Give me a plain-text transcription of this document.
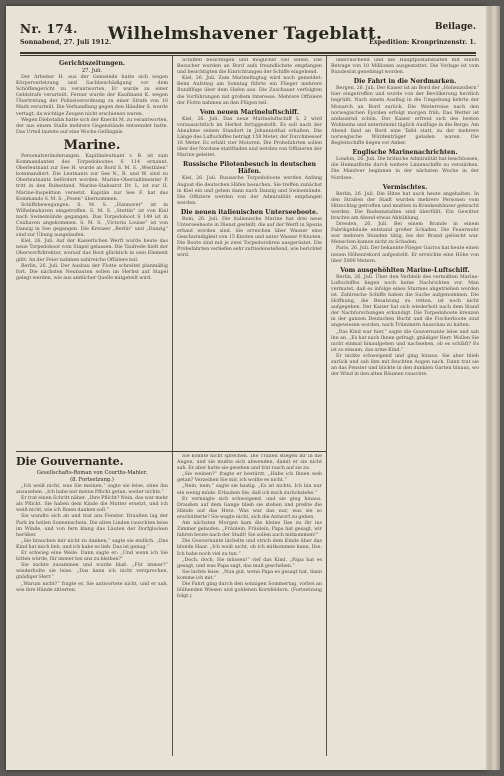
Nr. 174.
Sonnabend, 27. Juli 1912.
Wilhelmshavener Tageblatt.	Beilage.
Expedition: Kronprinzenstr. 1.
Gerichtszeitungen.
27. Juli.

Der Arbeiter H. aus der Gemeinde hatte sich wegen Körperverletzung und Sachbeschädigung vor dem Schöffengericht zu verantworten. Er wurde zu einer Geldstrafe verurteilt. Ferner wurde der Kaufmann K. wegen Übertretung der Polizeiverordnung zu einer Strafe von 10 Mark verurteilt. Die Verhandlung gegen den Händler S. wurde vertagt, da wichtige Zeugen nicht erschienen waren.

Wegen Diebstahls hatte sich der Knecht M. zu verantworten, der aus einem Stalle mehrere Gegenstände entwendet hatte. Das Urteil lautete auf eine Woche Gefängnis.

Marine.

Personalveränderungen. Kapitänleutnant v. B. ist zum Kommandanten des Torpedobootes S 114 ernannt. Oberleutnant zur See H. wurde an Bord S. M. S. „Westfalen“ kommandiert. Die Leutnants zur See N., R. und W. sind zu Oberleutnants befördert worden. Marine-Oberzahlmeister P. tritt in den Ruhestand. Marine-Stabsarzt Dr. L. ist zur II. Marine-Inspektion versetzt. Kapitän zur See F. hat das Kommando S. M. S. „Posen“ übernommen.

Schiffsbewegungen. S. M. S. „Hannover“ ist in Wilhelmshaven eingetroffen. S. M. S. „Stettin“ ist von Kiel nach Swinemünde gegangen. Das Torpedoboot S 149 ist in Cuxhaven angekommen. S. M. S. „Victoria Louise“ ist von Danzig in See gegangen. Die Kreuzer „Berlin“ und „Danzig“ sind zur Übung ausgelaufen.

Kiel, 26. Juli. Auf der Kaiserlichen Werft wurde heute das neue Torpedoboot vom Stapel gelassen. Die Taufrede hielt der Oberwerftdirektor, worauf das Boot glücklich in sein Element glitt. An der Feier nahmen zahlreiche Offiziere teil.

Berlin, 26. Juli. Der Ausbau der Flotte schreitet planmäßig fort. Die nächsten Neubauten sollen im Herbst auf Stapel gelegt werden, wie aus amtlicher Quelle mitgeteilt wird.

Schiffen besichtigen und möglichst viel sehen. Die Besucher wurden an Bord aufs freundlichste empfangen und besichtigten die Einrichtungen der Schiffe eingehend.

Kiel, 26. Juli. Zum Marineflugtag wird noch gemeldet: Beim Aufstieg am Sonntag führte ein Flieger mehrere Rundflüge über dem Hafen aus. Die Zuschauer verfolgten die Vorführungen mit großem Interesse. Mehrere Offiziere der Flotte nahmen an den Flügen teil.

Vom neuen Marineluftschiff.

Kiel, 26. Juli. Das neue Marineluftschiff L 2 wird voraussichtlich im Herbst fertiggestellt. Es soll nach der Abnahme seinen Standort in Johannisthal erhalten. Die Länge des Luftschiffes beträgt 158 Meter, der Durchmesser 16 Meter. Es erhält vier Motoren. Die Probefahrten sollen über der Nordsee stattfinden und werden von Offizieren der Marine geleitet.

Russische Pilotenbesuch in deutschen Häfen.

Kiel, 26. Juli. Russische Torpedoboote werden Anfang August die deutschen Häfen besuchen. Sie treffen zunächst in Kiel ein und gehen dann nach Danzig und Swinemünde. Die Offiziere werden von der Admiralität empfangen werden.

Die neuen italienischen Unterseeboote.

Rom, 26. Juli. Die italienische Marine hat drei neue Unterseeboote in Dienst gestellt, die auf der Werft in Spezia erbaut worden sind. Sie erreichen über Wasser eine Geschwindigkeit von 15 Knoten und unter Wasser 9 Knoten. Die Boote sind mit je zwei Torpedorohren ausgerüstet. Die Probefahrten verliefen sehr zufriedenstellend, wie berichtet wird.

überraschend und die Hauptpostanstalten mit einem Betrage von 10 Millionen ausgestattet. Die Vorlage ist vom Bundesrat genehmigt worden.

Die Fahrt in die Nordmarken.

Bergen, 26. Juli. Der Kaiser ist an Bord der „Hohenzollern“ hier eingetroffen und wurde von der Bevölkerung herzlich begrüßt. Nach einem Ausflug in die Umgebung kehrte der Monarch an Bord zurück. Die Weiterreise nach den norwegischen Fjorden erfolgt morgen früh. Das Wetter ist andauernd schön. Der Kaiser erfreut sich des besten Wohlseins und unternimmt täglich Ausflüge in die Berge. Am Abend fand an Bord eine Tafel statt, zu der mehrere norwegische Würdenträger geladen waren. Die Begleitschiffe liegen vor Anker.

Englische Marinenachrichten.

London, 26. Juli. Die britische Admiralität hat beschlossen, die Heimatflotte durch weitere Linienschiffe zu verstärken. Die Manöver beginnen in der nächsten Woche in der Nordsee.

Vermischtes.

Berlin, 26. Juli. Die Hitze hat auch heute angehalten. In den Straßen der Stadt wurden mehrere Personen vom Hitzschlag getroffen und mußten in Krankenhäuser gebracht werden. Die Badeanstalten sind überfüllt. Ein Gewitter brachte am Abend etwas Abkühlung.

Dresden, 26. Juli. Bei einem Brande in einem Fabrikgebäude entstand großer Schaden. Die Feuerwehr war mehrere Stunden tätig, bis der Brand gelöscht war. Menschen kamen nicht zu Schaden.

Paris, 26. Juli. Der bekannte Flieger Garros hat heute einen neuen Höhenrekord aufgestellt. Er erreichte eine Höhe von über 5000 Metern.

Vom ausgehöhlten Marine-Luftschiff.

Berlin, 26. Juli. Über den Verbleib des vermißten Marine-Luftschiffes liegen noch keine Nachrichten vor. Man vermutet, daß es infolge eines Sturmes abgetrieben worden ist. Zahlreiche Schiffe haben die Suche aufgenommen. Die Hoffnung, die Besatzung zu retten, ist noch nicht aufgegeben. Der Kaiser hat sich wiederholt nach dem Stand der Nachforschungen erkundigt. Die Torpedoboote kreuzen in der ganzen Deutschen Bucht und die Fischerboote sind angewiesen worden, nach Trümmern Ausschau zu halten.

„Das Kind war hier,“ sagte die Gouvernante leise und sah ihn an. „Es hat nach Ihnen gefragt, gnädiger Herr. Wollen Sie nicht einmal hinaufgehen und nachsehen, ob es schläft? Es ist so einsam, das arme Kind.“

Er nickte schweigend und ging hinaus. Sie aber blieb zurück und sah ihm mit feuchten Augen nach. Dann trat sie an das Fenster und blickte in den dunklen Garten hinaus, wo der Wind in den alten Bäumen rauschte.

Die Gouvernante.
Gesellschafts-Roman von Courths-Mahler.
(8. Fortsetzung.)

„Ich weiß nicht, was Sie meinen,“ sagte sie leise, ohne ihn anzusehen. „Ich habe nur meine Pflicht getan, weiter nichts.“

Er trat einen Schritt näher. „Ihre Pflicht? Nein, das war mehr als Pflicht. Sie haben dem Kinde die Mutter ersetzt, und ich weiß nicht, wie ich Ihnen danken soll.“

Sie wandte sich ab und trat ans Fenster. Draußen lag der Park im hellen Sonnenschein. Die alten Linden rauschten leise im Winde, und von fern klang das Läuten der Dorfglocken herüber.

„Sie brauchen mir nicht zu danken,“ sagte sie endlich. „Das Kind hat mich lieb, und ich habe es lieb. Das ist genug.“

Er schwieg eine Weile. Dann sagte er: „Und wenn ich Sie bitten würde, für immer bei uns zu bleiben?“

Sie zuckte zusammen und wurde blaß. „Für immer?“ wiederholte sie leise. „Das kann ich nicht versprechen, gnädiger Herr.“

„Warum nicht?“ fragte er. Sie antwortete nicht, und er sah, wie ihre Hände zitterten.

Sie konnte nicht sprechen. Die Tränen stiegen ihr in die Augen, und sie mußte sich abwenden, damit er sie nicht sah. Er aber hatte sie gesehen und trat rasch auf sie zu.

„Sie weinen?“ fragte er bestürzt. „Habe ich Ihnen weh getan? Verzeihen Sie mir, ich wollte es nicht.“

„Nein, nein,“ sagte sie hastig. „Es ist nichts. Ich bin nur ein wenig müde. Erlauben Sie, daß ich mich zurückziehe.“

Er verneigte sich schweigend, und sie ging hinaus. Draußen auf dem Gange blieb sie stehen und preßte die Hände auf das Herz. Was war das nur, was sie so erschütterte? Sie wagte nicht, sich die Antwort zu geben.

Am nächsten Morgen kam die kleine Ilse zu ihr ins Zimmer gelaufen. „Fräulein, Fräulein, Papa hat gesagt, wir fahren heute nach der Stadt! Sie sollen auch mitkommen!“

Die Gouvernante lächelte und strich dem Kinde über das blonde Haar. „Ich weiß nicht, ob ich mitkommen kann, Ilse. Ich habe noch viel zu tun.“

„Doch, doch, Sie müssen!“ rief das Kind. „Papa hat es gesagt, und was Papa sagt, das muß geschehen.“

Sie lachte leise. „Nun gut, wenn Papa es gesagt hat, dann komme ich mit.“

Die Fahrt ging durch den sonnigen Sommertag, vorbei an blühenden Wiesen und goldenen Kornfeldern. (Fortsetzung folgt.)
